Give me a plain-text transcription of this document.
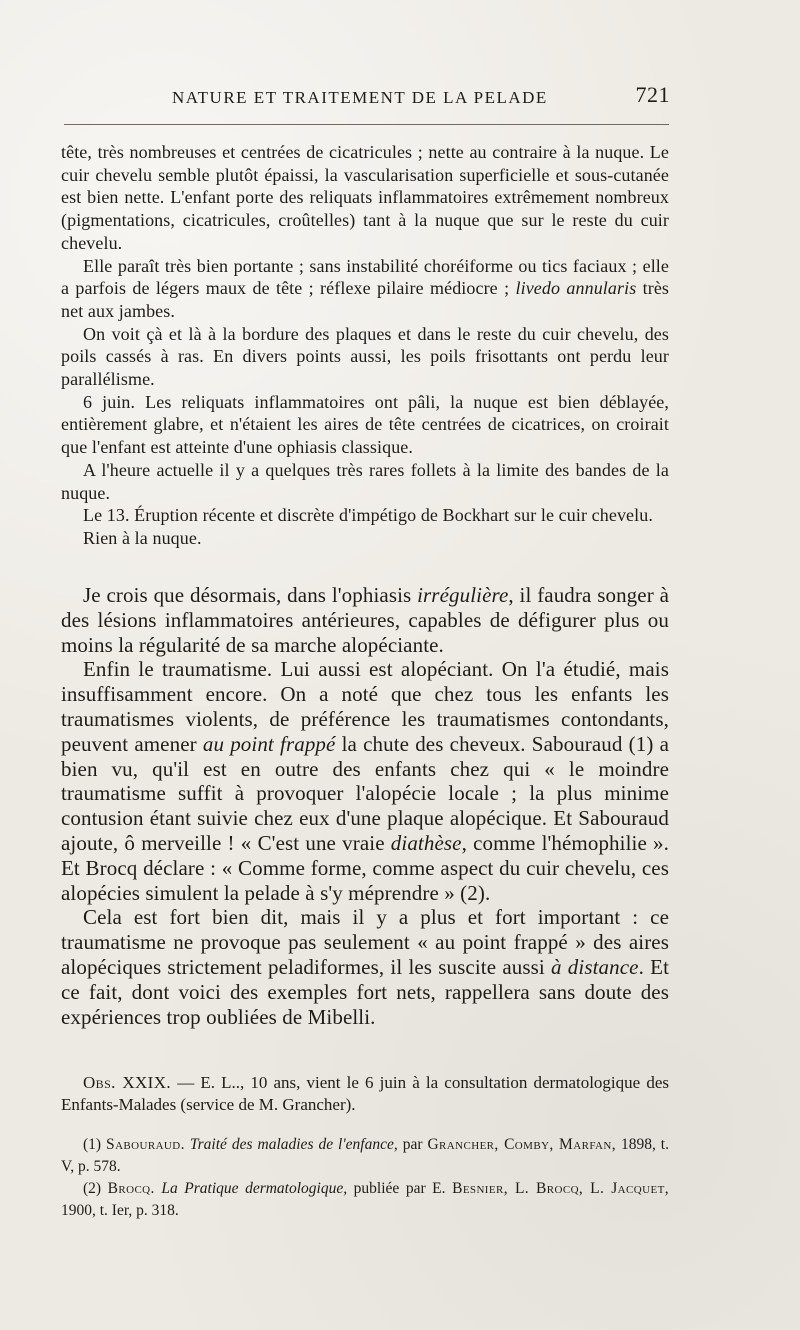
NATURE ET TRAITEMENT DE LA PELADE	721

tête, très nombreuses et centrées de cicatricules ; nette au contraire à la nuque. Le cuir chevelu semble plutôt épaissi, la vascularisation superficielle et sous-cutanée est bien nette. L'enfant porte des reliquats inflammatoires extrêmement nombreux (pigmentations, cicatricules, croûtelles) tant à la nuque que sur le reste du cuir chevelu.

Elle paraît très bien portante ; sans instabilité choréiforme ou tics faciaux ; elle a parfois de légers maux de tête ; réflexe pilaire médiocre ; livedo annularis très net aux jambes.

On voit çà et là à la bordure des plaques et dans le reste du cuir chevelu, des poils cassés à ras. En divers points aussi, les poils frisottants ont perdu leur parallélisme.

6 juin. Les reliquats inflammatoires ont pâli, la nuque est bien déblayée, entièrement glabre, et n'étaient les aires de tête centrées de cicatrices, on croirait que l'enfant est atteinte d'une ophiasis classique.

A l'heure actuelle il y a quelques très rares follets à la limite des bandes de la nuque.

Le 13. Éruption récente et discrète d'impétigo de Bockhart sur le cuir chevelu.

Rien à la nuque.

Je crois que désormais, dans l'ophiasis irrégulière, il faudra songer à des lésions inflammatoires antérieures, capables de défigurer plus ou moins la régularité de sa marche alopéciante.

Enfin le traumatisme. Lui aussi est alopéciant. On l'a étudié, mais insuffisamment encore. On a noté que chez tous les enfants les traumatismes violents, de préférence les traumatismes contondants, peuvent amener au point frappé la chute des cheveux. Sabouraud (1) a bien vu, qu'il est en outre des enfants chez qui « le moindre traumatisme suffit à provoquer l'alopécie locale ; la plus minime contusion étant suivie chez eux d'une plaque alopécique. Et Sabouraud ajoute, ô merveille ! « C'est une vraie diathèse, comme l'hémophilie ». Et Brocq déclare : « Comme forme, comme aspect du cuir chevelu, ces alopécies simulent la pelade à s'y méprendre » (2).

Cela est fort bien dit, mais il y a plus et fort important : ce traumatisme ne provoque pas seulement « au point frappé » des aires alopéciques strictement peladiformes, il les suscite aussi à distance. Et ce fait, dont voici des exemples fort nets, rappellera sans doute des expériences trop oubliées de Mibelli.

Obs. XXIX. — E. L.., 10 ans, vient le 6 juin à la consultation dermatologique des Enfants-Malades (service de M. Grancher).

(1) Sabouraud. Traité des maladies de l'enfance, par Grancher, Comby, Marfan, 1898, t. V, p. 578.

(2) Brocq. La Pratique dermatologique, publiée par E. Besnier, L. Brocq, L. Jacquet, 1900, t. Ier, p. 318.
